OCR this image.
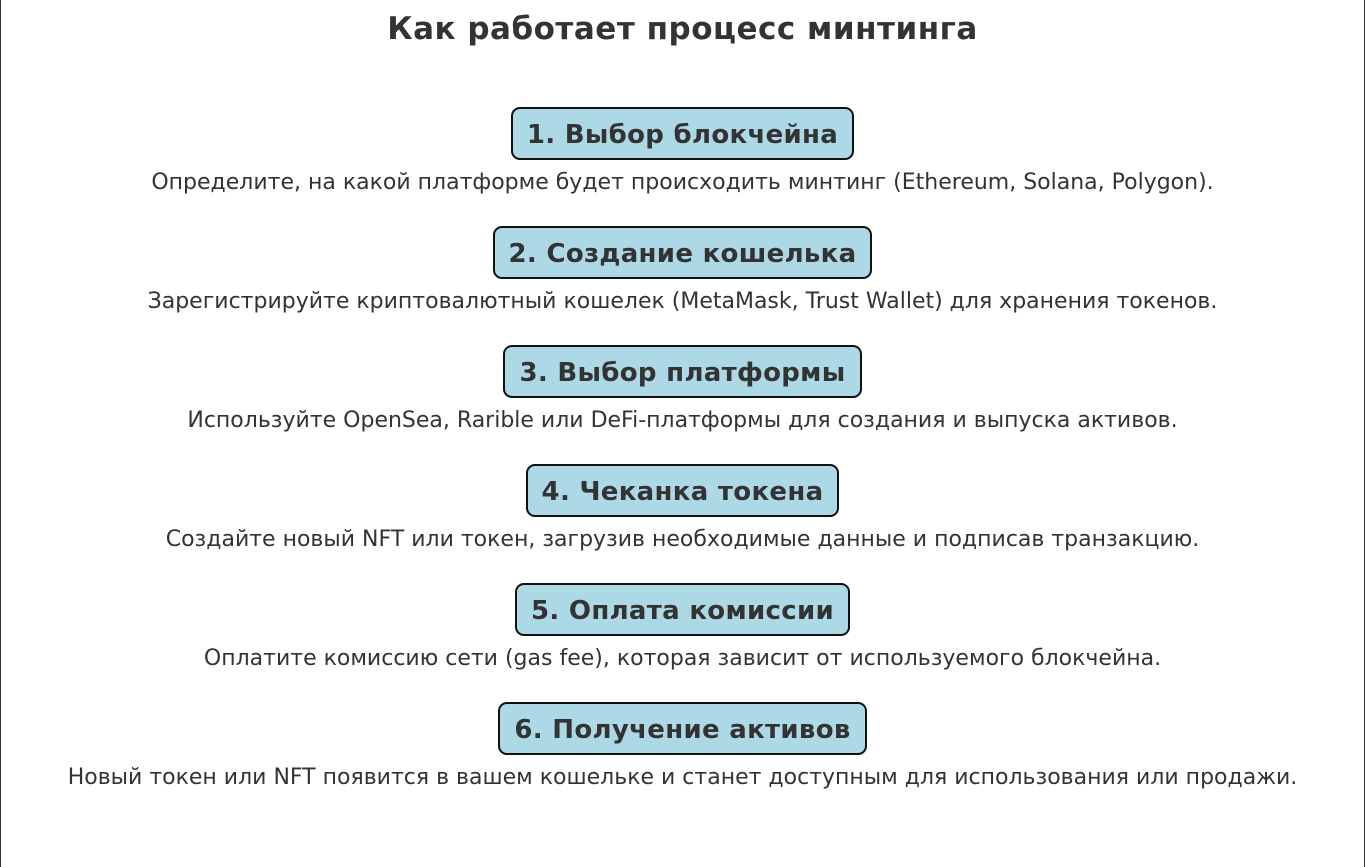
Как работает процесс минтинга
1. Выбор блокчейна
Определите, на какой платформе будет происходить минтинг (Ethereum, Solana, Polygon).
2. Создание кошелька
Зарегистрируйте криптовалютный кошелек (MetaMask, Trust Wallet) для хранения токенов.
3. Выбор платформы
Используйте OpenSea, Rarible или DeFi-платформы для создания и выпуска активов.
4. Чеканка токена
Создайте новый NFT или токен, загрузив необходимые данные и подписав транзакцию.
5. Оплата комиссии
Оплатите комиссию сети (gas fee), которая зависит от используемого блокчейна.
6. Получение активов
Новый токен или NFT появится в вашем кошельке и станет доступным для использования или продажи.
